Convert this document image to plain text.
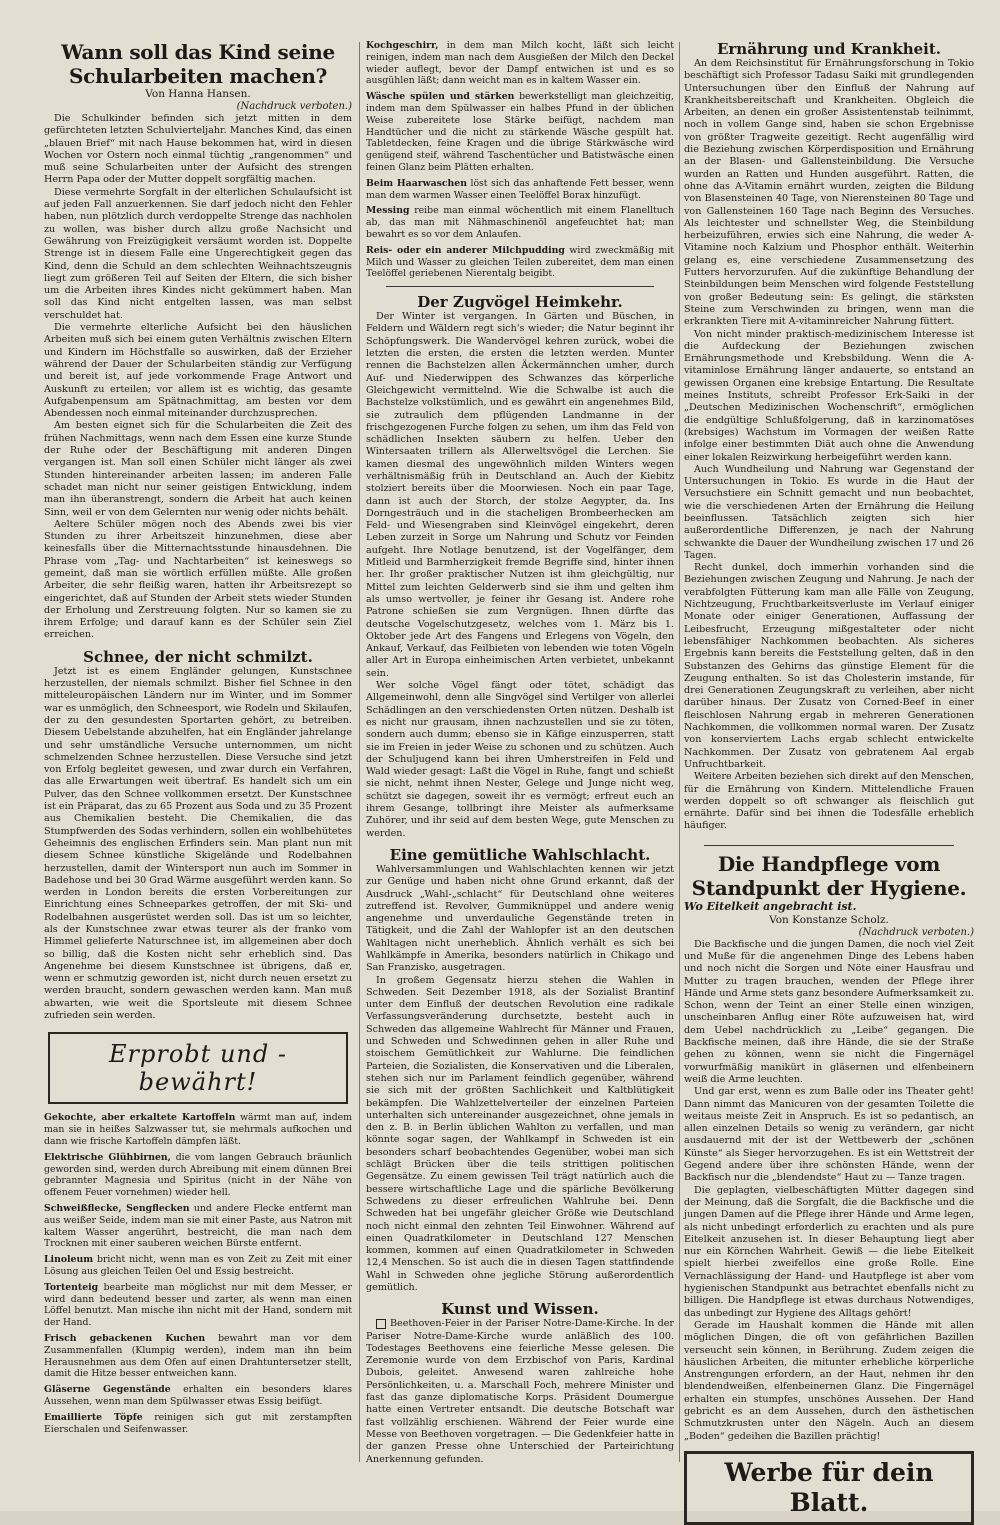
Wann soll das Kind seine Schularbeiten machen?
Von Hanna Hansen.
(Nachdruck verboten.)

Die Schulkinder befinden sich jetzt mitten in dem gefürchteten letzten Schulvierteljahr. Manches Kind, das einen „blauen Brief“ mit nach Hause bekommen hat, wird in diesen Wochen vor Ostern noch einmal tüchtig „rangenommen“ und muß seine Schularbeiten unter der Aufsicht des strengen Herrn Papa oder der Mutter doppelt sorgfältig machen.

Diese vermehrte Sorgfalt in der elterlichen Schulaufsicht ist auf jeden Fall anzuerkennen. Sie darf jedoch nicht den Fehler haben, nun plötzlich durch verdoppelte Strenge das nachholen zu wollen, was bisher durch allzu große Nachsicht und Gewährung von Freizügigkeit versäumt worden ist. Doppelte Strenge ist in diesem Falle eine Ungerechtigkeit gegen das Kind, denn die Schuld an dem schlechten Weihnachtszeugnis liegt zum größeren Teil auf Seiten der Eltern, die sich bisher um die Arbeiten ihres Kindes nicht gekümmert haben. Man soll das Kind nicht entgelten lassen, was man selbst verschuldet hat.

Die vermehrte elterliche Aufsicht bei den häuslichen Arbeiten muß sich bei einem guten Verhältnis zwischen Eltern und Kindern im Höchstfalle so auswirken, daß der Erzieher während der Dauer der Schularbeiten ständig zur Verfügung und bereit ist, auf jede vorkommende Frage Antwort und Auskunft zu erteilen; vor allem ist es wichtig, das gesamte Aufgabenpensum am Spätnachmittag, am besten vor dem Abendessen noch einmal miteinander durchzusprechen.

Am besten eignet sich für die Schularbeiten die Zeit des frühen Nachmittags, wenn nach dem Essen eine kurze Stunde der Ruhe oder der Beschäftigung mit anderen Dingen vergangen ist. Man soll einen Schüler nicht länger als zwei Stunden hintereinander arbeiten lassen; im anderen Falle schadet man nicht nur seiner geistigen Entwicklung, indem man ihn überanstrengt, sondern die Arbeit hat auch keinen Sinn, weil er von dem Gelernten nur wenig oder nichts behält.

Aeltere Schüler mögen noch des Abends zwei bis vier Stunden zu ihrer Arbeitszeit hinzunehmen, diese aber keinesfalls über die Mitternachtsstunde hinausdehnen. Die Phrase vom „Tag- und Nachtarbeiten“ ist keineswegs so gemeint, daß man sie wörtlich erfüllen müßte. Alle großen Arbeiter, die sehr fleißig waren, hatten ihr Arbeitsrezept so eingerichtet, daß auf Stunden der Arbeit stets wieder Stunden der Erholung und Zerstreuung folgten. Nur so kamen sie zu ihrem Erfolge; und darauf kann es der Schüler sein Ziel erreichen.

Schnee, der nicht schmilzt.

Jetzt ist es einem Engländer gelungen, Kunstschnee herzustellen, der niemals schmilzt. Bisher fiel Schnee in den mitteleuropäischen Ländern nur im Winter, und im Sommer war es unmöglich, den Schneesport, wie Rodeln und Skilaufen, der zu den gesundesten Sportarten gehört, zu betreiben. Diesem Uebelstande abzuhelfen, hat ein Engländer jahrelange und sehr umständliche Versuche unternommen, um nicht schmelzenden Schnee herzustellen. Diese Versuche sind jetzt von Erfolg begleitet gewesen, und zwar durch ein Verfahren, das alle Erwartungen weit übertraf. Es handelt sich um ein Pulver, das den Schnee vollkommen ersetzt. Der Kunstschnee ist ein Präparat, das zu 65 Prozent aus Soda und zu 35 Prozent aus Chemikalien besteht. Die Chemikalien, die das Stumpfwerden des Sodas verhindern, sollen ein wohlbehütetes Geheimnis des englischen Erfinders sein. Man plant nun mit diesem Schnee künstliche Skigelände und Rodelbahnen herzustellen, damit der Wintersport nun auch im Sommer in Badehose und bei 30 Grad Wärme ausgeführt werden kann. So werden in London bereits die ersten Vorbereitungen zur Einrichtung eines Schneeparkes getroffen, der mit Ski- und Rodelbahnen ausgerüstet werden soll. Das ist um so leichter, als der Kunstschnee zwar etwas teurer als der franko vom Himmel gelieferte Naturschnee ist, im allgemeinen aber doch so billig, daß die Kosten nicht sehr erheblich sind. Das Angenehme bei diesem Kunstschnee ist übrigens, daß er, wenn er schmutzig geworden ist, nicht durch neuen ersetzt zu werden braucht, sondern gewaschen werden kann. Man muß abwarten, wie weit die Sportsleute mit diesem Schnee zufrieden sein werden.

Erprobt und - bewährt!

Gekochte, aber erkaltete Kartoffeln wärmt man auf, indem man sie in heißes Salzwasser tut, sie mehrmals aufkochen und dann wie frische Kartoffeln dämpfen läßt.

Elektrische Glühbirnen, die vom langen Gebrauch bräunlich geworden sind, werden durch Abreibung mit einem dünnen Brei gebrannter Magnesia und Spiritus (nicht in der Nähe von offenem Feuer vornehmen) wieder hell.

Schweißflecke, Sengflecken und andere Flecke entfernt man aus weißer Seide, indem man sie mit einer Paste, aus Natron mit kaltem Wasser angerührt, bestreicht, die man nach dem Trocknen mit einer sauberen weichen Bürste entfernt.

Linoleum bricht nicht, wenn man es von Zeit zu Zeit mit einer Lösung aus gleichen Teilen Oel und Essig bestreicht.

Tortenteig bearbeite man möglichst nur mit dem Messer, er wird dann bedeutend besser und zarter, als wenn man einen Löffel benutzt. Man mische ihn nicht mit der Hand, sondern mit der Hand.

Frisch gebackenen Kuchen bewahrt man vor dem Zusammenfallen (Klumpig werden), indem man ihn beim Herausnehmen aus dem Ofen auf einen Drahtuntersetzer stellt, damit die Hitze besser entweichen kann.

Gläserne Gegenstände erhalten ein besonders klares Aussehen, wenn man dem Spülwasser etwas Essig beifügt.

Emaillierte Töpfe reinigen sich gut mit zerstampften Eierschalen und Seifenwasser.

Kochgeschirr, in dem man Milch kocht, läßt sich leicht reinigen, indem man nach dem Ausgießen der Milch den Deckel wieder auflegt, bevor der Dampf entwichen ist und es so ausgühlen läßt; dann weicht man es in kaltem Wasser ein.

Wäsche spülen und stärken bewerkstelligt man gleichzeitig, indem man dem Spülwasser ein halbes Pfund in der üblichen Weise zubereitete lose Stärke beifügt, nachdem man Handtücher und die nicht zu stärkende Wäsche gespült hat. Tabletdecken, feine Kragen und die übrige Stärkwäsche wird genügend steif, während Taschentücher und Batistwäsche einen feinen Glanz beim Plätten erhalten.

Beim Haarwaschen löst sich das anhaftende Fett besser, wenn man dem warmen Wasser einen Teelöffel Borax hinzufügt.

Messing reibe man einmal wöchentlich mit einem Flanelltuch ab, das man mit Nähmaschinenöl angefeuchtet hat; man bewahrt es so vor dem Anlaufen.

Reis- oder ein anderer Milchpudding wird zweckmäßig mit Milch und Wasser zu gleichen Teilen zubereitet, dem man einen Teelöffel geriebenen Nierentalg beigibt.

Der Zugvögel Heimkehr.

Der Winter ist vergangen. In Gärten und Büschen, in Feldern und Wäldern regt sich's wieder; die Natur beginnt ihr Schöpfungswerk. Die Wandervögel kehren zurück, wobei die letzten die ersten, die ersten die letzten werden. Munter rennen die Bachstelzen allen Äckermännchen umher, durch Auf- und Niederwippen des Schwanzes das körperliche Gleichgewicht vermittelnd. Wie die Schwalbe ist auch die Bachstelze volkstümlich, und es gewährt ein angenehmes Bild, sie zutraulich dem pflügenden Landmanne in der frischgezogenen Furche folgen zu sehen, um ihm das Feld von schädlichen Insekten säubern zu helfen. Ueber den Wintersaaten trillern als Allerweltsvögel die Lerchen. Sie kamen diesmal des ungewöhnlich milden Winters wegen verhältnismäßig früh in Deutschland an. Auch der Kiebitz stolziert bereits über die Moorwiesen. Noch ein paar Tage, dann ist auch der Storch, der stolze Aegypter, da. Ins Dorngesträuch und in die stacheligen Brombeerhecken am Feld- und Wiesengraben sind Kleinvögel eingekehrt, deren Leben zurzeit in Sorge um Nahrung und Schutz vor Feinden aufgeht. Ihre Notlage benutzend, ist der Vogelfänger, dem Mitleid und Barmherzigkeit fremde Begriffe sind, hinter ihnen her. Ihr großer praktischer Nutzen ist ihm gleichgültig, nur Mittel zum leichten Gelderwerb sind sie ihm und gelten ihm als umso wertvoller, je feiner ihr Gesang ist. Andere rohe Patrone schießen sie zum Vergnügen. Ihnen dürfte das deutsche Vogelschutzgesetz, welches vom 1. März bis 1. Oktober jede Art des Fangens und Erlegens von Vögeln, den Ankauf, Verkauf, das Feilbieten von lebenden wie toten Vögeln aller Art in Europa einheimischen Arten verbietet, unbekannt sein.

Wer solche Vögel fängt oder tötet, schädigt das Allgemeinwohl, denn alle Singvögel sind Vertilger von allerlei Schädlingen an den verschiedensten Orten nützen. Deshalb ist es nicht nur grausam, ihnen nachzustellen und sie zu töten, sondern auch dumm; ebenso sie in Käfige einzusperren, statt sie im Freien in jeder Weise zu schonen und zu schützen. Auch der Schuljugend kann bei ihren Umherstreifen in Feld und Wald wieder gesagt: Laßt die Vögel in Ruhe, fangt und schießt sie nicht, nehmt ihnen Nester, Gelege und Junge nicht weg, schützt sie dagegen, soweit ihr es vermögt; erfreut euch an ihrem Gesange, tollbringt ihre Meister als aufmerksame Zuhörer, und ihr seid auf dem besten Wege, gute Menschen zu werden.

Eine gemütliche Wahlschlacht.

Wahlversammlungen und Wahlschlachten kennen wir jetzt zur Genüge und haben nicht ohne Grund erkannt, daß der Ausdruck „Wahl-„schlacht“ für Deutschland ohne weiteres zutreffend ist. Revolver, Gummiknüppel und andere wenig angenehme und unverdauliche Gegenstände treten in Tätigkeit, und die Zahl der Wahlopfer ist an den deutschen Wahltagen nicht unerheblich. Ähnlich verhält es sich bei Wahlkämpfe in Amerika, besonders natürlich in Chikago und San Franzisko, ausgetragen.

In großem Gegensatz hierzu stehen die Wahlen in Schweden. Seit Dezember 1918, als der Sozialist Brantinf unter dem Einfluß der deutschen Revolution eine radikale Verfassungsveränderung durchsetzte, besteht auch in Schweden das allgemeine Wahlrecht für Männer und Frauen, und Schweden und Schwedinnen gehen in aller Ruhe und stoischem Gemütlichkeit zur Wahlurne. Die feindlichen Parteien, die Sozialisten, die Konservativen und die Liberalen, stehen sich nur im Parlament feindlich gegenüber, während sie sich mit der größten Sachlichkeit und Kaltblütigkeit bekämpfen. Die Wahlzettelverteiler der einzelnen Parteien unterhalten sich untereinander ausgezeichnet, ohne jemals in den z. B. in Berlin üblichen Wahlton zu verfallen, und man könnte sogar sagen, der Wahlkampf in Schweden ist ein besonders scharf beobachtendes Gegenüber, wobei man sich schlägt Brücken über die teils strittigen politischen Gegensätze. Zu einem gewissen Teil trägt natürlich auch die bessere wirtschaftliche Lage und die spärliche Bevölkerung Schwedens zu dieser erfreulichen Wahlruhe bei. Denn Schweden hat bei ungefähr gleicher Größe wie Deutschland noch nicht einmal den zehnten Teil Einwohner. Während auf einen Quadratkilometer in Deutschland 127 Menschen kommen, kommen auf einen Quadratkilometer in Schweden 12,4 Menschen. So ist auch die in diesen Tagen stattfindende Wahl in Schweden ohne jegliche Störung außerordentlich gemütlich.

Kunst und Wissen.

Beethoven-Feier in der Pariser Notre-Dame-Kirche. In der Pariser Notre-Dame-Kirche wurde anläßlich des 100. Todestages Beethovens eine feierliche Messe gelesen. Die Zeremonie wurde von dem Erzbischof von Paris, Kardinal Dubois, geleitet. Anwesend waren zahlreiche hohe Persönlichkeiten, u. a. Marschall Foch, mehrere Minister und fast das ganze diplomatische Korps. Präsident Doumergue hatte einen Vertreter entsandt. Die deutsche Botschaft war fast vollzählig erschienen. Während der Feier wurde eine Messe von Beethoven vorgetragen. — Die Gedenkfeier hatte in der ganzen Presse ohne Unterschied der Parteirichtung Anerkennung gefunden.

Ernährung und Krankheit.

An dem Reichsinstitut für Ernährungsforschung in Tokio beschäftigt sich Professor Tadasu Saiki mit grundlegenden Untersuchungen über den Einfluß der Nahrung auf Krankheitsbereitschaft und Krankheiten. Obgleich die Arbeiten, an denen ein großer Assistentenstab teilnimmt, noch in vollem Gange sind, haben sie schon Ergebnisse von größter Tragweite gezeitigt. Recht augenfällig wird die Beziehung zwischen Körperdisposition und Ernährung an der Blasen- und Gallensteinbildung. Die Versuche wurden an Ratten und Hunden ausgeführt. Ratten, die ohne das A-Vitamin ernährt wurden, zeigten die Bildung von Blasensteinen 40 Tage, von Nierensteinen 80 Tage und von Gallensteinen 160 Tage nach Beginn des Versuches. Als leichtester und schnellster Weg, die Steinbildung herbeizuführen, erwies sich eine Nahrung, die weder A-Vitamine noch Kalzium und Phosphor enthält. Weiterhin gelang es, eine verschiedene Zusammensetzung des Futters hervorzurufen. Auf die zukünftige Behandlung der Steinbildungen beim Menschen wird folgende Feststellung von großer Bedeutung sein: Es gelingt, die stärksten Steine zum Verschwinden zu bringen, wenn man die erkrankten Tiere mit A-vitaminreicher Nahrung füttert.

Von nicht minder praktisch-medizinischem Interesse ist die Aufdeckung der Beziehungen zwischen Ernährungsmethode und Krebsbildung. Wenn die A-vitaminlose Ernährung länger andauerte, so entstand an gewissen Organen eine krebsige Entartung. Die Resultate meines Instituts, schreibt Professor Erk-Saiki in der „Deutschen Medizinischen Wochenschrift“, ermöglichen die endgültige Schlußfolgerung, daß in karzinomatöses (krebsiges) Wachstum im Vormagen der weißen Ratte infolge einer bestimmten Diät auch ohne die Anwendung einer lokalen Reizwirkung herbeigeführt werden kann.

Auch Wundheilung und Nahrung war Gegenstand der Untersuchungen in Tokio. Es wurde in die Haut der Versuchstiere ein Schnitt gemacht und nun beobachtet, wie die verschiedenen Arten der Ernährung die Heilung beeinflussen. Tatsächlich zeigten sich hier außerordentliche Differenzen, je nach der Nahrung schwankte die Dauer der Wundheilung zwischen 17 und 26 Tagen.

Recht dunkel, doch immerhin vorhanden sind die Beziehungen zwischen Zeugung und Nahrung. Je nach der verabfolgten Fütterung kam man alle Fälle von Zeugung, Nichtzeugung, Fruchtbarkeitsverluste im Verlauf einiger Monate oder einiger Generationen, Auffassung der Leibesfrucht, Erzeugung mißgestalteter oder nicht lebensfähiger Nachkommen beobachten. Als sicheres Ergebnis kann bereits die Feststellung gelten, daß in den Substanzen des Gehirns das günstige Element für die Zeugung enthalten. So ist das Cholesterin imstande, für drei Generationen Zeugungskraft zu verleihen, aber nicht darüber hinaus. Der Zusatz von Corned-Beef in einer fleischlosen Nahrung ergab in mehreren Generationen Nachkommen, die vollkommen normal waren. Der Zusatz von konserviertem Lachs ergab schlecht entwickelte Nachkommen. Der Zusatz von gebratenem Aal ergab Unfruchtbarkeit.

Weitere Arbeiten beziehen sich direkt auf den Menschen, für die Ernährung von Kindern. Mittelendliche Frauen werden doppelt so oft schwanger als fleischlich gut ernährte. Dafür sind bei ihnen die Todesfälle erheblich häufiger.

Die Handpflege vom Standpunkt der Hygiene.
Wo Eitelkeit angebracht ist.
Von Konstanze Scholz.
(Nachdruck verboten.)

Die Backfische und die jungen Damen, die noch viel Zeit und Muße für die angenehmen Dinge des Lebens haben und noch nicht die Sorgen und Nöte einer Hausfrau und Mutter zu tragen brauchen, wenden der Pflege ihrer Hände und Arme stets ganz besondere Aufmerksamkeit zu. Schon, wenn der Teint an einer Stelle einen winzigen, unscheinbaren Anflug einer Röte aufzuweisen hat, wird dem Uebel nachdrücklich zu „Leibe“ gegangen. Die Backfische meinen, daß ihre Hände, die sie der Straße gehen zu können, wenn sie nicht die Fingernägel vorwurfmäßig manikürt in gläsernen und elfenbeinern weiß die Arme leuchten.

Und gar erst, wenn es zum Balle oder ins Theater geht! Dann nimmt das Manicuren von der gesamten Toilette die weitaus meiste Zeit in Anspruch. Es ist so pedantisch, an allen einzelnen Details so wenig zu verändern, gar nicht ausdauernd mit der ist der Wettbewerb der „schönen Künste“ als Sieger hervorzugehen. Es ist ein Wettstreit der Gegend andere über ihre schönsten Hände, wenn der Backfisch nur die „blendendste“ Haut zu — Tanze tragen.

Die geplagten, vielbeschäftigten Mütter dagegen sind der Meinung, daß die Sorgfalt, die die Backfische und die jungen Damen auf die Pflege ihrer Hände und Arme legen, als nicht unbedingt erforderlich zu erachten und als pure Eitelkeit anzusehen ist. In dieser Behauptung liegt aber nur ein Körnchen Wahrheit. Gewiß — die liebe Eitelkeit spielt hierbei zweifellos eine große Rolle. Eine Vernachlässigung der Hand- und Hautpflege ist aber vom hygienischen Standpunkt aus betrachtet ebenfalls nicht zu billigen. Die Handpflege ist etwas durchaus Notwendiges, das unbedingt zur Hygiene des Alltags gehört!

Gerade im Haushalt kommen die Hände mit allen möglichen Dingen, die oft von gefährlichen Bazillen verseucht sein können, in Berührung. Zudem zeigen die häuslichen Arbeiten, die mitunter erhebliche körperliche Anstrengungen erfordern, an der Haut, nehmen ihr den blendendweißen, elfenbeinernen Glanz. Die Fingernägel erhalten ein stumpfes, unschönes Aussehen. Der Hand gebricht es an dem Aussehen, durch den ästhetischen Schmutzkrusten unter den Nägeln. Auch an diesem „Boden“ gedeihen die Bazillen prächtig!

Werbe für dein Blatt.
